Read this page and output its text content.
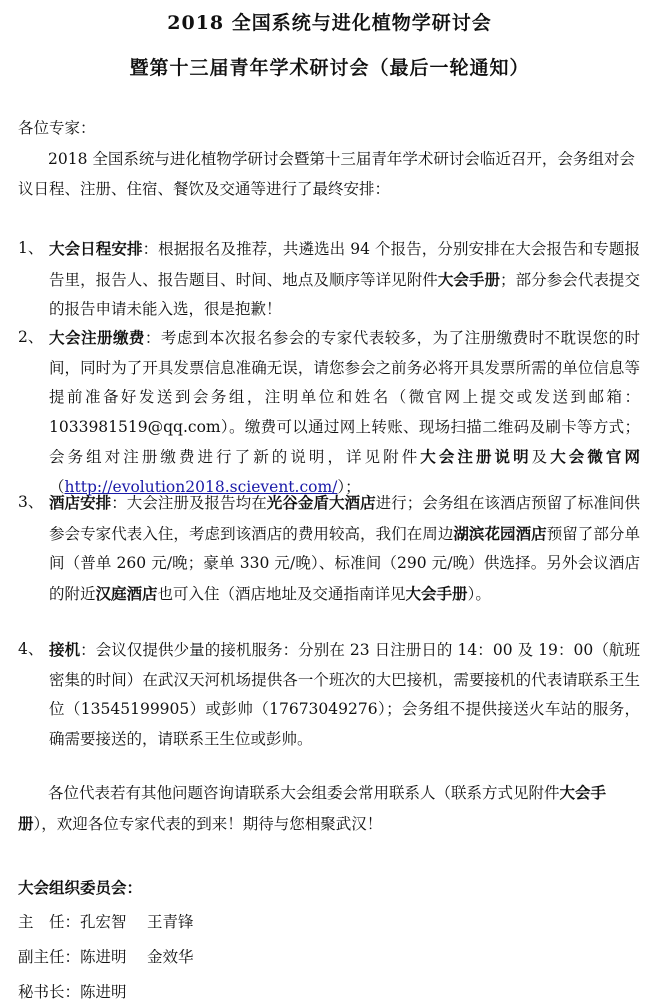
2018 全国系统与进化植物学研讨会
暨第十三届青年学术研讨会（最后一轮通知）
各位专家：
2018 全国系统与进化植物学研讨会暨第十三届青年学术研讨会临近召开，会务组对会议日程、注册、住宿、餐饮及交通等进行了最终安排：
1、 大会日程安排：根据报名及推荐，共遴选出 94 个报告，分别安排在大会报告和专题报告里，报告人、报告题目、时间、地点及顺序等详见附件大会手册；部分参会代表提交的报告申请未能入选，很是抱歉！
2、 大会注册缴费：考虑到本次报名参会的专家代表较多，为了注册缴费时不耽误您的时间，同时为了开具发票信息准确无误，请您参会之前务必将开具发票所需的单位信息等提前准备好发送到会务组，注明单位和姓名（微官网上提交或发送到邮箱：1033981519@qq.com）。缴费可以通过网上转账、现场扫描二维码及刷卡等方式；会务组对注册缴费进行了新的说明，详见附件大会注册说明及大会微官网（http://evolution2018.scievent.com/）；
3、 酒店安排：大会注册及报告均在光谷金盾大酒店进行；会务组在该酒店预留了标准间供参会专家代表入住，考虑到该酒店的费用较高，我们在周边湖滨花园酒店预留了部分单间（普单 260 元/晚；豪单 330 元/晚）、标准间（290 元/晚）供选择。另外会议酒店的附近汉庭酒店也可入住（酒店地址及交通指南详见大会手册）。
4、 接机：会议仅提供少量的接机服务：分别在 23 日注册日的 14：00 及 19：00（航班密集的时间）在武汉天河机场提供各一个班次的大巴接机，需要接机的代表请联系王生位（13545199905）或彭帅（17673049276）；会务组不提供接送火车站的服务，确需要接送的，请联系王生位或彭帅。
各位代表若有其他问题咨询请联系大会组委会常用联系人（联系方式见附件大会手册），欢迎各位专家代表的到来！期待与您相聚武汉！
大会组织委员会：
主　任：孔宏智　 王青锋
副主任：陈进明　 金效华
秘书长：陈进明
